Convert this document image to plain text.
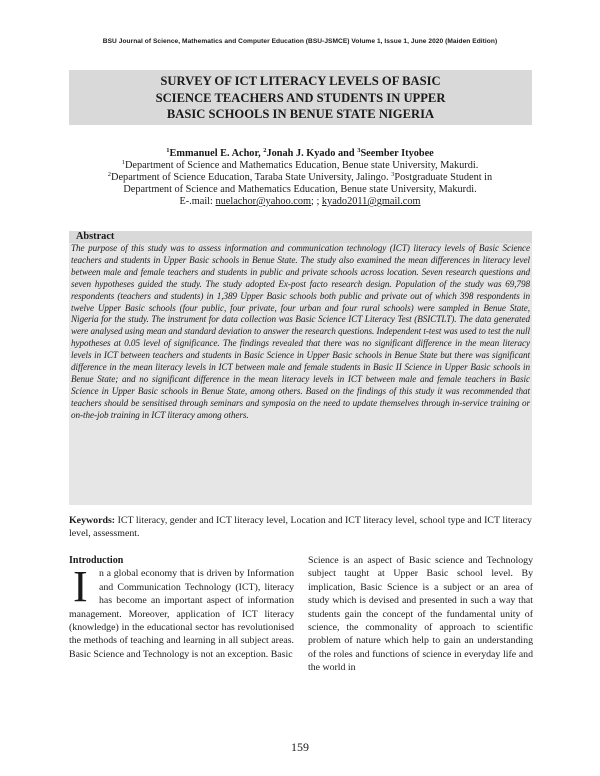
BSU Journal of Science, Mathematics and Computer Education (BSU-JSMCE) Volume 1, Issue 1, June 2020 (Maiden Edition)
SURVEY OF ICT LITERACY LEVELS OF BASIC
SCIENCE TEACHERS AND STUDENTS IN UPPER
BASIC SCHOOLS IN BENUE STATE NIGERIA
$^1$Emmanuel E. Achor, $^2$Jonah J. Kyado and $^3$Seember Ityobee
$^1$Department of Science and Mathematics Education, Benue state University, Makurdi.
$^2$Department of Science Education, Taraba State University, Jalingo. $^3$Postgraduate Student in
Department of Science and Mathematics Education, Benue state University, Makurdi.
E-.mail: nuelachor@yahoo.com; ; kyado2011@gmail.com
Abstract
The purpose of this study was to assess information and communication technology (ICT) literacy levels of Basic Science teachers and students in Upper Basic schools in Benue State. The study also examined the mean differences in literacy level between male and female teachers and students in public and private schools across location. Seven research questions and seven hypotheses guided the study. The study adopted Ex-post facto research design. Population of the study was 69,798 respondents (teachers and students) in 1,389 Upper Basic schools both public and private out of which 398 respondents in twelve Upper Basic schools (four public, four private, four urban and four rural schools) were sampled in Benue State, Nigeria for the study. The instrument for data collection was Basic Science ICT Literacy Test (BSICTLT). The data generated were analysed using mean and standard deviation to answer the research questions. Independent t-test was used to test the null hypotheses at 0.05 level of significance. The findings revealed that there was no significant difference in the mean literacy levels in ICT between teachers and students in Basic Science in Upper Basic schools in Benue State but there was significant difference in the mean literacy levels in ICT between male and female students in Basic II Science in Upper Basic schools in Benue State; and no significant difference in the mean literacy levels in ICT between male and female teachers in Basic Science in Upper Basic schools in Benue State, among others. Based on the findings of this study it was recommended that teachers should be sensitised through seminars and symposia on the need to update themselves through in-service training or on-the-job training in ICT literacy among others.
Keywords: ICT literacy, gender and ICT literacy level, Location and ICT literacy level, school type and ICT literacy level, assessment.
Introduction
I	n a global economy that is driven by Information and Communication Technology (ICT), literacy has become an important aspect of information management. Moreover, application of ICT literacy (knowledge) in the educational sector has revolutionised the methods of teaching and learning in all subject areas. Basic Science and Technology is not an exception. Basic
Science is an aspect of Basic science and Technology subject taught at Upper Basic school level. By implication, Basic Science is a subject or an area of study which is devised and presented in such a way that students gain the concept of the fundamental unity of science, the commonality of approach to scientific problem of nature which help to gain an understanding of the roles and functions of science in everyday life and the world in
159
